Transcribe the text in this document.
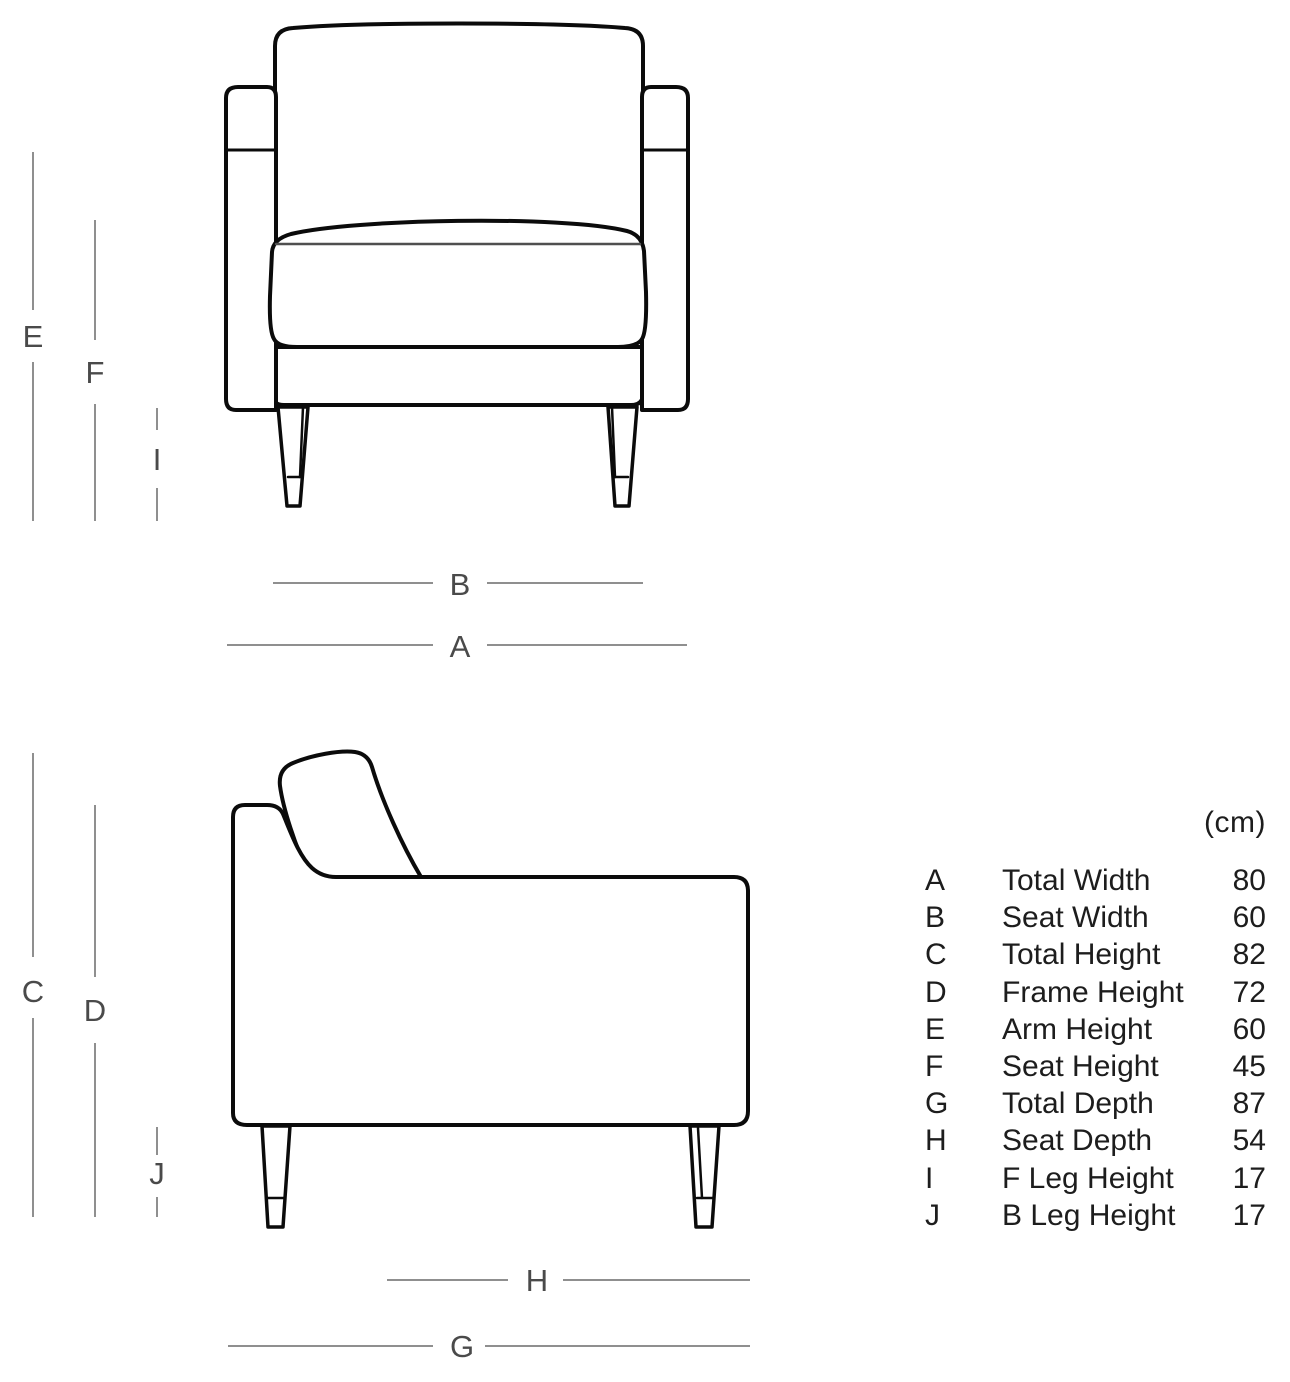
E
F
I
B
A
C
D
J
H
G
(cm)
A	Total Width	80
B	Seat Width	60
C	Total Height	82
D	Frame Height	72
E	Arm Height	60
F	Seat Height	45
G	Total Depth	87
H	Seat Depth	54
I	F Leg Height	17
J	B Leg Height	17
